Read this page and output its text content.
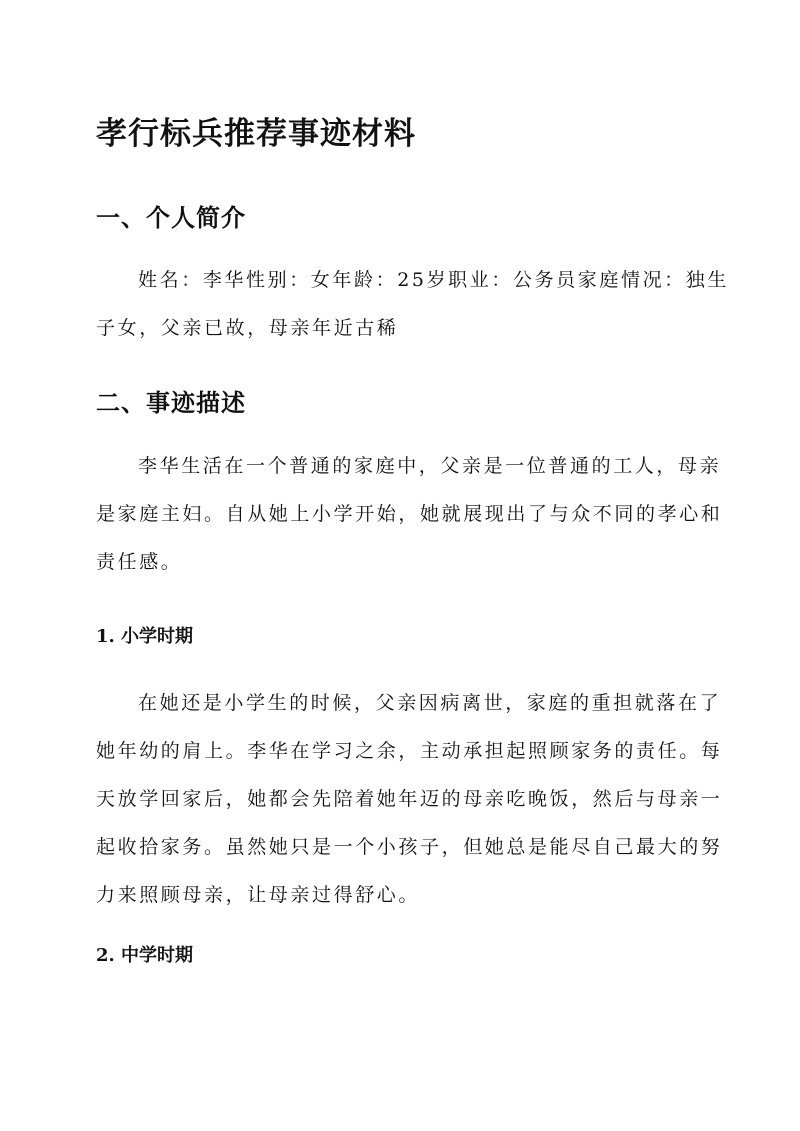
孝行标兵推荐事迹材料
一、个人简介
姓名：李华性别：女年龄：25岁职业：公务员家庭情况：独生
子女，父亲已故，母亲年近古稀
二、事迹描述
李华生活在一个普通的家庭中，父亲是一位普通的工人，母亲
是家庭主妇。自从她上小学开始，她就展现出了与众不同的孝心和
责任感。
1. 小学时期
在她还是小学生的时候，父亲因病离世，家庭的重担就落在了
她年幼的肩上。李华在学习之余，主动承担起照顾家务的责任。每
天放学回家后，她都会先陪着她年迈的母亲吃晚饭，然后与母亲一
起收拾家务。虽然她只是一个小孩子，但她总是能尽自己最大的努
力来照顾母亲，让母亲过得舒心。
2. 中学时期
